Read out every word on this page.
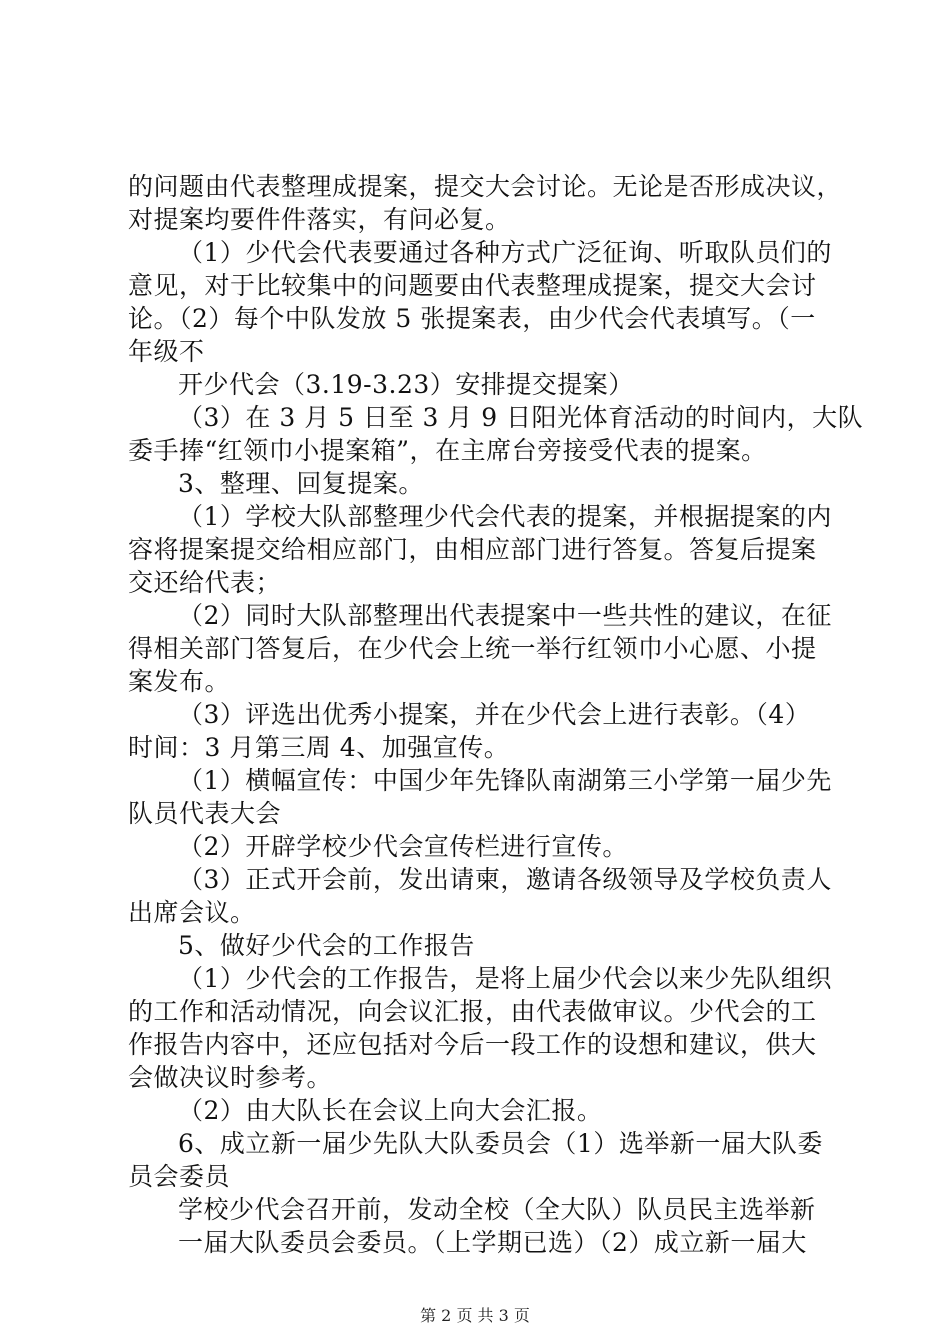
的问题由代表整理成提案，提交大会讨论。无论是否形成决议，
对提案均要件件落实，有问必复。
（1）少代会代表要通过各种方式广泛征询、听取队员们的
意见，对于比较集中的问题要由代表整理成提案，提交大会讨
论。（2）每个中队发放 5 张提案表，由少代会代表填写。（一
年级不
开少代会（3.19-3.23）安排提交提案）
（3）在 3 月 5 日至 3 月 9 日阳光体育活动的时间内，大队
委手捧“红领巾小提案箱”，在主席台旁接受代表的提案。
3、整理、回复提案。
（1）学校大队部整理少代会代表的提案，并根据提案的内
容将提案提交给相应部门，由相应部门进行答复。答复后提案
交还给代表；
（2）同时大队部整理出代表提案中一些共性的建议，在征
得相关部门答复后，在少代会上统一举行红领巾小心愿、小提
案发布。
（3）评选出优秀小提案，并在少代会上进行表彰。（4）
时间：3 月第三周 4、加强宣传。
（1）横幅宣传：中国少年先锋队南湖第三小学第一届少先
队员代表大会
（2）开辟学校少代会宣传栏进行宣传。
（3）正式开会前，发出请柬，邀请各级领导及学校负责人
出席会议。
5、做好少代会的工作报告
（1）少代会的工作报告，是将上届少代会以来少先队组织
的工作和活动情况，向会议汇报，由代表做审议。少代会的工
作报告内容中，还应包括对今后一段工作的设想和建议，供大
会做决议时参考。
（2）由大队长在会议上向大会汇报。
6、成立新一届少先队大队委员会（1）选举新一届大队委
员会委员
学校少代会召开前，发动全校（全大队）队员民主选举新
一届大队委员会委员。（上学期已选）（2）成立新一届大
第 2 页 共 3 页
